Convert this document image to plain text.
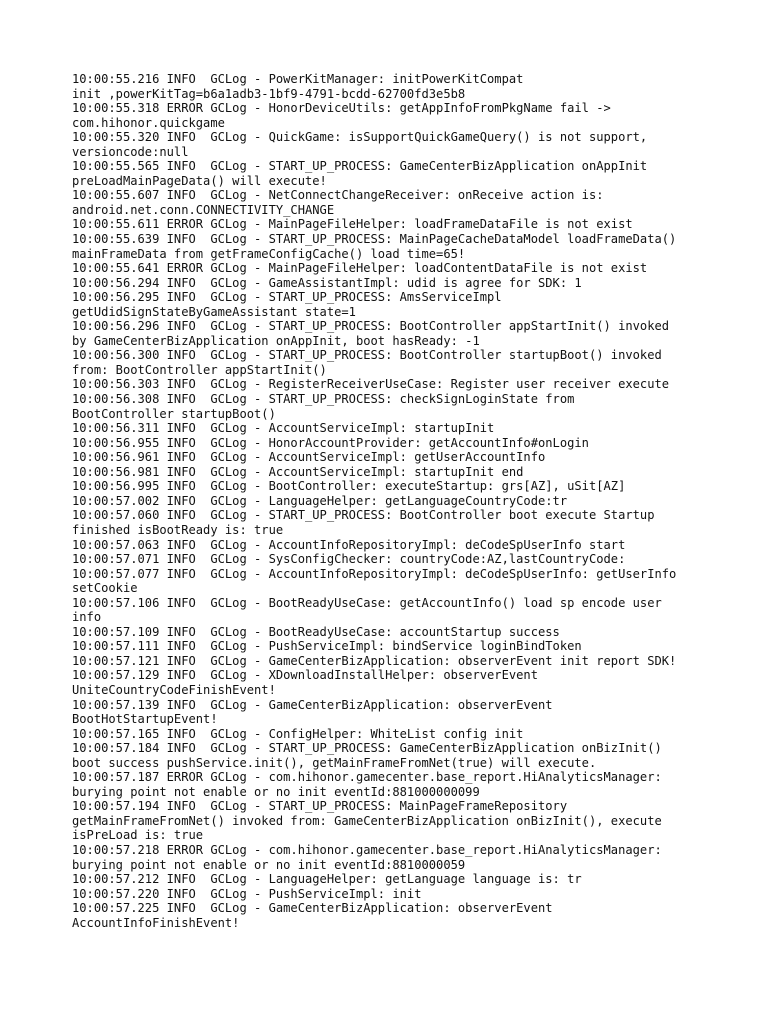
10:00:55.216 INFO  GCLog - PowerKitManager: initPowerKitCompat
init ,powerKitTag=b6a1adb3-1bf9-4791-bcdd-62700fd3e5b8
10:00:55.318 ERROR GCLog - HonorDeviceUtils: getAppInfoFromPkgName fail ->
com.hihonor.quickgame
10:00:55.320 INFO  GCLog - QuickGame: isSupportQuickGameQuery() is not support,
versioncode:null
10:00:55.565 INFO  GCLog - START_UP_PROCESS: GameCenterBizApplication onAppInit
preLoadMainPageData() will execute!
10:00:55.607 INFO  GCLog - NetConnectChangeReceiver: onReceive action is:
android.net.conn.CONNECTIVITY_CHANGE
10:00:55.611 ERROR GCLog - MainPageFileHelper: loadFrameDataFile is not exist
10:00:55.639 INFO  GCLog - START_UP_PROCESS: MainPageCacheDataModel loadFrameData()
mainFrameData from getFrameConfigCache() load time=65!
10:00:55.641 ERROR GCLog - MainPageFileHelper: loadContentDataFile is not exist
10:00:56.294 INFO  GCLog - GameAssistantImpl: udid is agree for SDK: 1
10:00:56.295 INFO  GCLog - START_UP_PROCESS: AmsServiceImpl
getUdidSignStateByGameAssistant state=1
10:00:56.296 INFO  GCLog - START_UP_PROCESS: BootController appStartInit() invoked
by GameCenterBizApplication onAppInit, boot hasReady: -1
10:00:56.300 INFO  GCLog - START_UP_PROCESS: BootController startupBoot() invoked
from: BootController appStartInit()
10:00:56.303 INFO  GCLog - RegisterReceiverUseCase: Register user receiver execute
10:00:56.308 INFO  GCLog - START_UP_PROCESS: checkSignLoginState from
BootController startupBoot()
10:00:56.311 INFO  GCLog - AccountServiceImpl: startupInit
10:00:56.955 INFO  GCLog - HonorAccountProvider: getAccountInfo#onLogin
10:00:56.961 INFO  GCLog - AccountServiceImpl: getUserAccountInfo
10:00:56.981 INFO  GCLog - AccountServiceImpl: startupInit end
10:00:56.995 INFO  GCLog - BootController: executeStartup: grs[AZ], uSit[AZ]
10:00:57.002 INFO  GCLog - LanguageHelper: getLanguageCountryCode:tr
10:00:57.060 INFO  GCLog - START_UP_PROCESS: BootController boot execute Startup
finished isBootReady is: true
10:00:57.063 INFO  GCLog - AccountInfoRepositoryImpl: deCodeSpUserInfo start
10:00:57.071 INFO  GCLog - SysConfigChecker: countryCode:AZ,lastCountryCode:
10:00:57.077 INFO  GCLog - AccountInfoRepositoryImpl: deCodeSpUserInfo: getUserInfo
setCookie
10:00:57.106 INFO  GCLog - BootReadyUseCase: getAccountInfo() load sp encode user
info
10:00:57.109 INFO  GCLog - BootReadyUseCase: accountStartup success
10:00:57.111 INFO  GCLog - PushServiceImpl: bindService loginBindToken
10:00:57.121 INFO  GCLog - GameCenterBizApplication: observerEvent init report SDK!
10:00:57.129 INFO  GCLog - XDownloadInstallHelper: observerEvent
UniteCountryCodeFinishEvent!
10:00:57.139 INFO  GCLog - GameCenterBizApplication: observerEvent
BootHotStartupEvent!
10:00:57.165 INFO  GCLog - ConfigHelper: WhiteList config init
10:00:57.184 INFO  GCLog - START_UP_PROCESS: GameCenterBizApplication onBizInit()
boot success pushService.init(), getMainFrameFromNet(true) will execute.
10:00:57.187 ERROR GCLog - com.hihonor.gamecenter.base_report.HiAnalyticsManager:
burying point not enable or no init eventId:881000000099
10:00:57.194 INFO  GCLog - START_UP_PROCESS: MainPageFrameRepository
getMainFrameFromNet() invoked from: GameCenterBizApplication onBizInit(), execute
isPreLoad is: true
10:00:57.218 ERROR GCLog - com.hihonor.gamecenter.base_report.HiAnalyticsManager:
burying point not enable or no init eventId:8810000059
10:00:57.212 INFO  GCLog - LanguageHelper: getLanguage language is: tr
10:00:57.220 INFO  GCLog - PushServiceImpl: init
10:00:57.225 INFO  GCLog - GameCenterBizApplication: observerEvent
AccountInfoFinishEvent!
